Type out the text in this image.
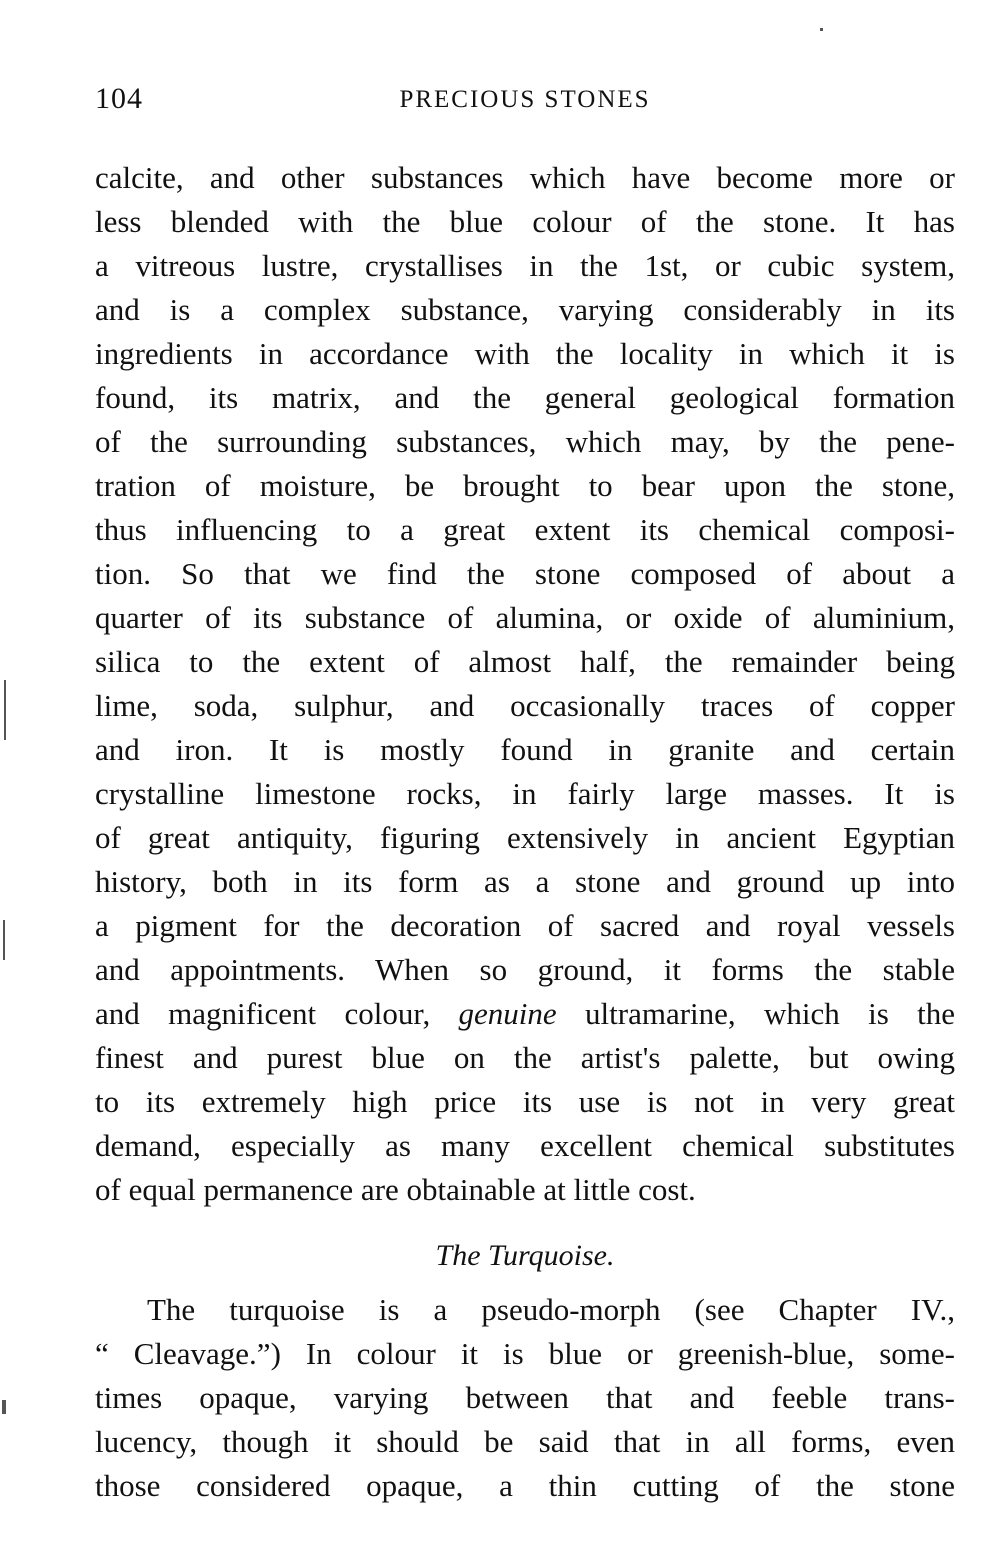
104	PRECIOUS STONES
calcite, and other substances which have become more or
less blended with the blue colour of the stone. It has
a vitreous lustre, crystallises in the 1st, or cubic system,
and is a complex substance, varying considerably in its
ingredients in accordance with the locality in which it is
found, its matrix, and the general geological formation
of the surrounding substances, which may, by the pene-
tration of moisture, be brought to bear upon the stone,
thus influencing to a great extent its chemical composi-
tion. So that we find the stone composed of about a
quarter of its substance of alumina, or oxide of aluminium,
silica to the extent of almost half, the remainder being
lime, soda, sulphur, and occasionally traces of copper
and iron. It is mostly found in granite and certain
crystalline limestone rocks, in fairly large masses. It is
of great antiquity, figuring extensively in ancient Egyptian
history, both in its form as a stone and ground up into
a pigment for the decoration of sacred and royal vessels
and appointments. When so ground, it forms the stable
and magnificent colour, genuine ultramarine, which is the
finest and purest blue on the artist's palette, but owing
to its extremely high price its use is not in very great
demand, especially as many excellent chemical substitutes
of equal permanence are obtainable at little cost.
The Turquoise.
The turquoise is a pseudo-morph (see Chapter IV.,
“ Cleavage.”) In colour it is blue or greenish-blue, some-
times opaque, varying between that and feeble trans-
lucency, though it should be said that in all forms, even
those considered opaque, a thin cutting of the stone
